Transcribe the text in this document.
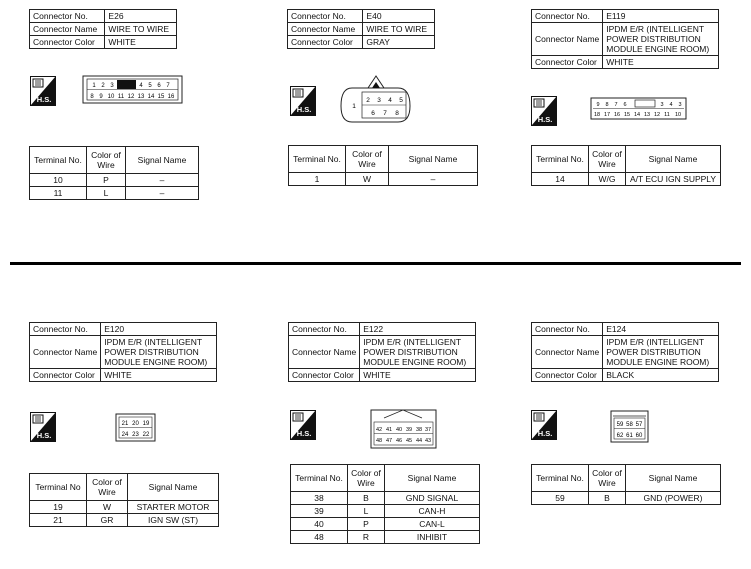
Connector No.	E26
Connector Name	WIRE TO WIRE
Connector Color	WHITE
H.S.
1 2 3	4 5 6 7
8 9 10 11 12 13 14 15 16
Terminal No.	Color of Wire	Signal Name
10	P	–
11	L	–
Connector No.	E40
Connector Name	WIRE TO WIRE
Connector Color	GRAY
H.S.	1
2 3 4 5
6 7 8
Terminal No.	Color of Wire	Signal Name
1	W	–
Connector No.	E119
Connector Name	IPDM E/R (INTELLIGENT POWER DISTRIBUTION MODULE ENGINE ROOM)
Connector Color	WHITE
H.S.
9 8 7 6	3 4 3
18 17 16 15 14 13 12 11 10
Terminal No.	Color of Wire	Signal Name
14	W/G	A/T ECU IGN SUPPLY
Connector No.	E120
Connector Name	IPDM E/R (INTELLIGENT POWER DISTRIBUTION MODULE ENGINE ROOM)
Connector Color	WHITE
H.S.
21 20 19
24 23 22
Terminal No	Color of Wire	Signal Name
19	W	STARTER MOTOR
21	GR	IGN SW (ST)
Connector No.	E122
Connector Name	IPDM E/R (INTELLIGENT POWER DISTRIBUTION MODULE ENGINE ROOM)
Connector Color	WHITE
H.S.	42 41 40 39 38 37
48 47 46 45 44 43
Terminal No.	Color of Wire	Signal Name
38	B	GND SIGNAL
39	L	CAN-H
40	P	CAN-L
48	R	INHIBIT
Connector No.	E124
Connector Name	IPDM E/R (INTELLIGENT POWER DISTRIBUTION MODULE ENGINE ROOM)
Connector Color	BLACK
H.S.
59 58 57
62 61 60
Terminal No.	Color of Wire	Signal Name
59	B	GND (POWER)
